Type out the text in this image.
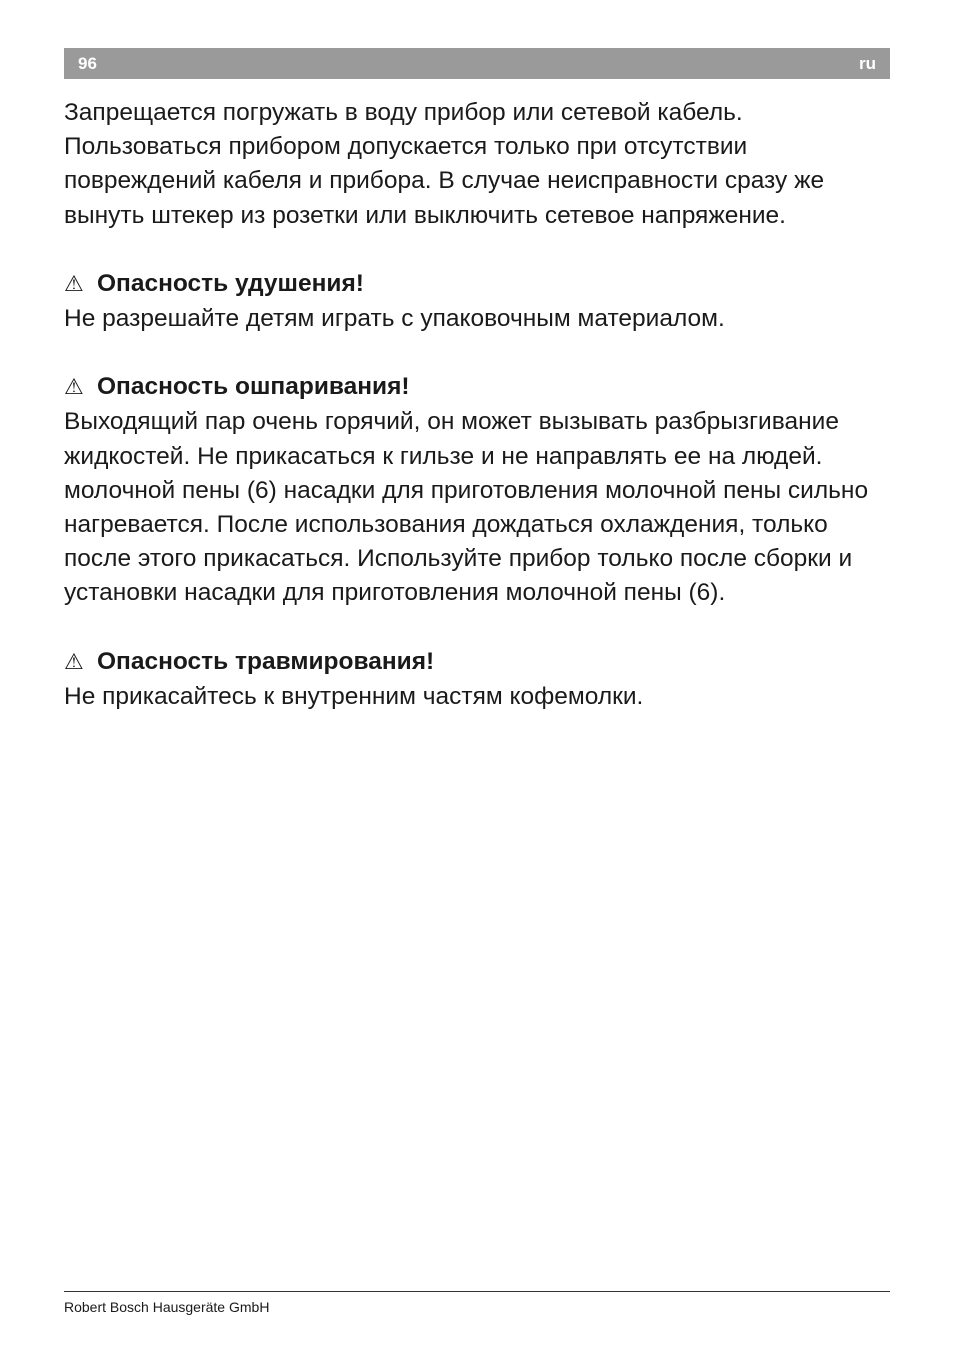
96	ru

Запрещается погружать в воду прибор или сетевой кабель. Пользоваться прибором допускается только при отсутствии повреждений кабеля и прибора. В случае неисправности сразу же вынуть штекер из розетки или выключить сетевое напряжение.

⚠ Опасность удушения!

Не разрешайте детям играть с упаковочным материалом.

⚠ Опасность ошпаривания!

Выходящий пар очень горячий, он может вызывать разбрызгивание жидкостей. Не прикасаться к гильзе и не направлять ее на людей. молочной пены (6) насадки для приготовления молочной пены сильно нагревается. После использования дождаться охлаждения, только после этого прикасаться. Используйте прибор только после сборки и установки насадки для приготовления молочной пены (6).

⚠ Опасность травмирования!

Не прикасайтесь к внутренним частям кофемолки.

Robert Bosch Hausgeräte GmbH
